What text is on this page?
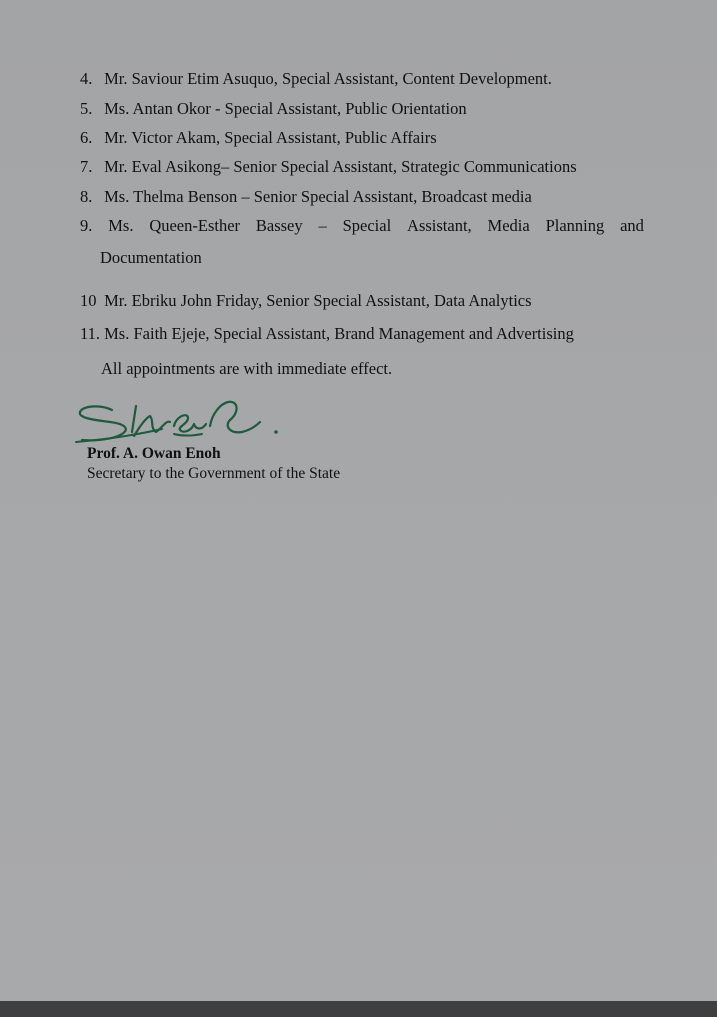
4. Mr. Saviour Etim Asuquo, Special Assistant, Content Development.
5. Ms. Antan Okor - Special Assistant, Public Orientation
6. Mr. Victor Akam, Special Assistant, Public Affairs
7. Mr. Eval Asikong– Senior Special Assistant, Strategic Communications
8. Ms. Thelma Benson – Senior Special Assistant, Broadcast media
9. Ms. Queen-Esther Bassey – Special Assistant, Media Planning and
Documentation
10 Mr. Ebriku John Friday, Senior Special Assistant, Data Analytics
11. Ms. Faith Ejeje, Special Assistant, Brand Management and Advertising
All appointments are with immediate effect.
Prof. A. Owan Enoh
Secretary to the Government of the State
